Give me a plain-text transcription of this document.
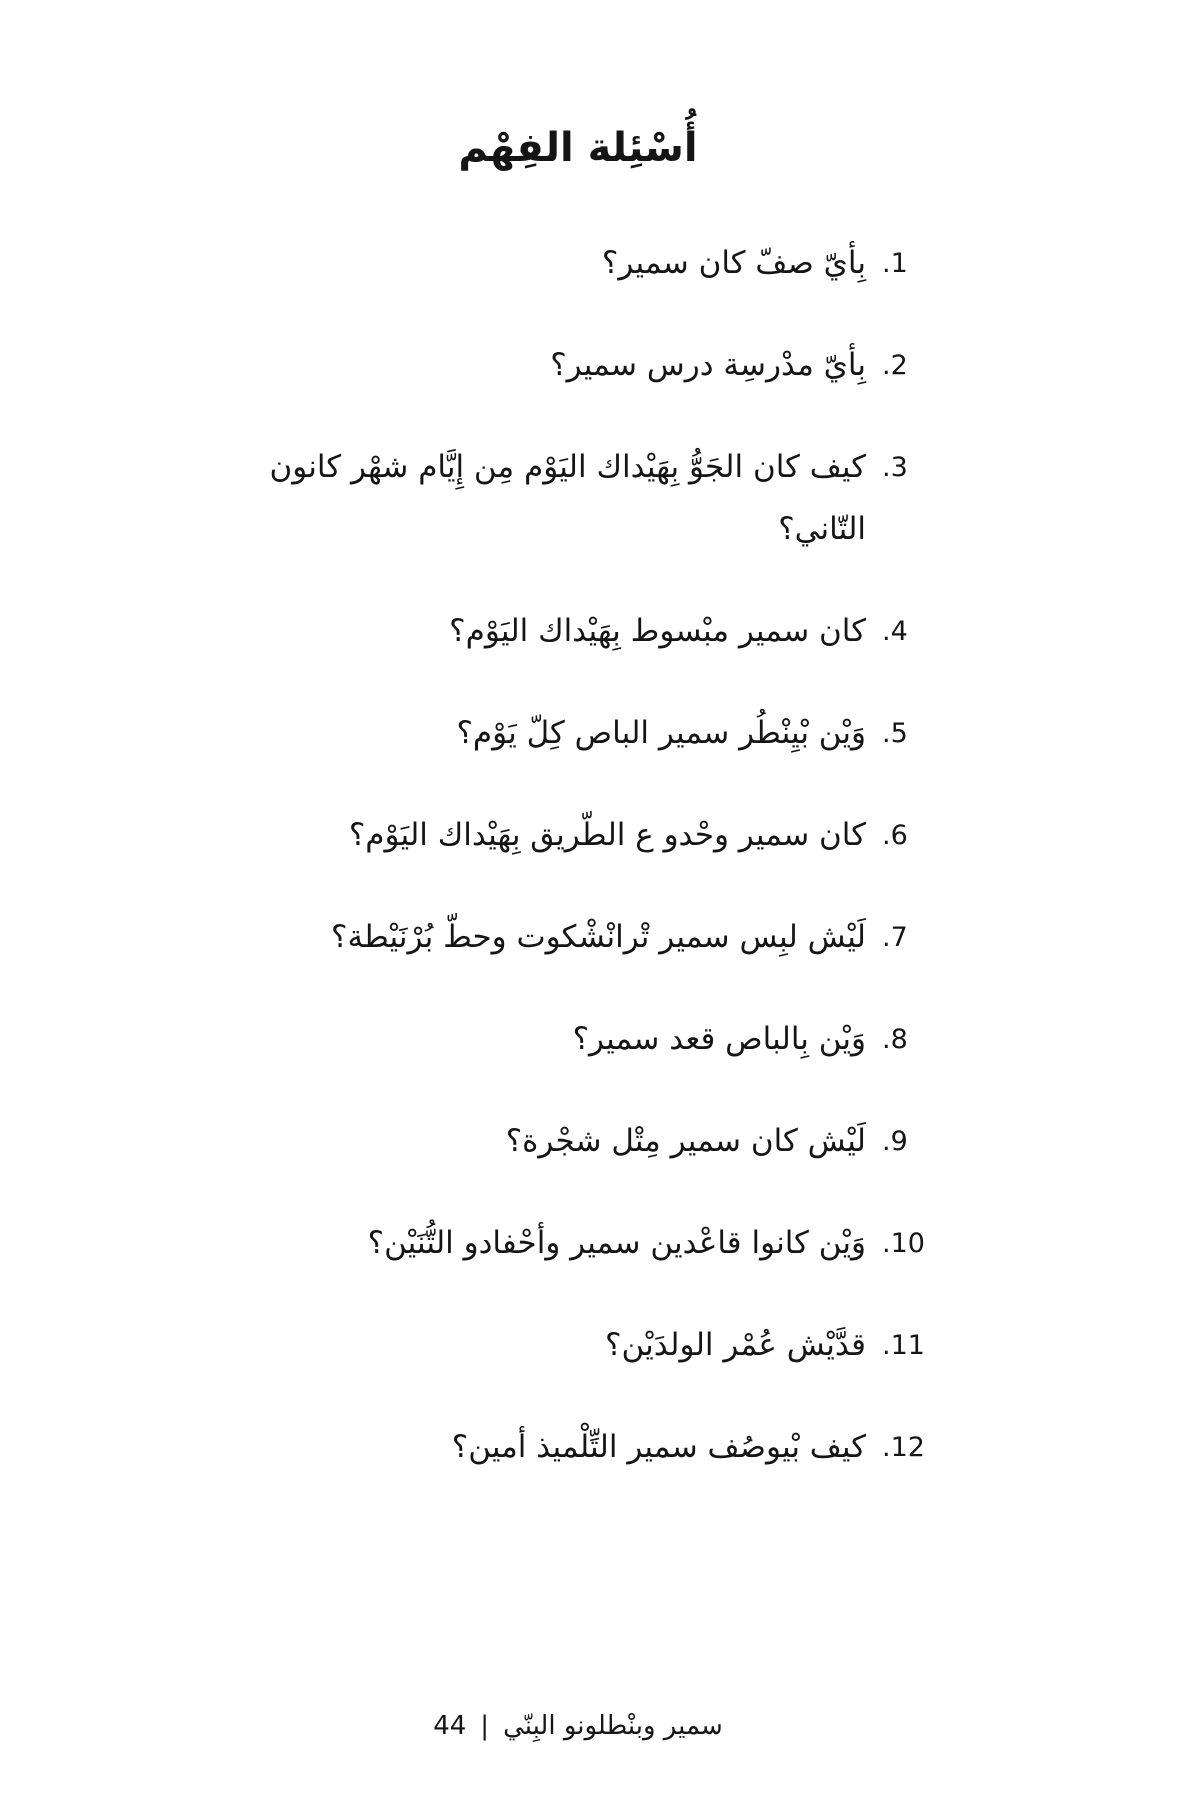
أُسْئِلة الفِهْم
1.
بِأيّ صفّ كان سمير؟
2.
بِأيّ مدْرسِة درس سمير؟
3.
كيف كان الجَوُّ بِهَيْداك اليَوْم مِن إِيَّام شهْر كانون التّاني؟
4.
كان سمير مبْسوط بِهَيْداك اليَوْم؟
5.
وَيْن بْيِنْطُر سمير الباص كِلّ يَوْم؟
6.
كان سمير وحْدو ع الطّريق بِهَيْداك اليَوْم؟
7.
لَيْش لبِس سمير تْرانْشْكوت وحطّ بُرْنَيْطة؟
8.
وَيْن بِالباص قعد سمير؟
9.
لَيْش كان سمير مِتْل شجْرة؟
10.
وَيْن كانوا قاعْدين سمير وأحْفادو التُّنَيْن؟
11.
قدَّيْش عُمْر الولدَيْن؟
12.
كيف بْيوصُف سمير التِّلْميذ أمين؟
سمير وبنْطلونو البِنّي|44
